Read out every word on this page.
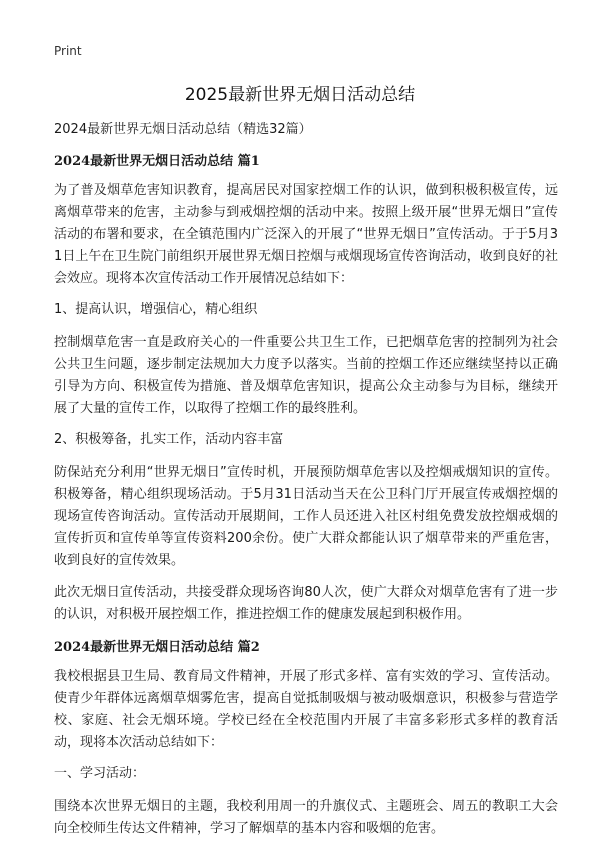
Print
2025最新世界无烟日活动总结
2024最新世界无烟日活动总结（精选32篇）
2024最新世界无烟日活动总结 篇1
为了普及烟草危害知识教育，提高居民对国家控烟工作的认识，做到积极积极宣传，远离烟草带来的危害，主动参与到戒烟控烟的活动中来。按照上级开展“世界无烟日”宣传活动的布署和要求，在全镇范围内广泛深入的开展了“世界无烟日”宣传活动。于于5月31日上午在卫生院门前组织开展世界无烟日控烟与戒烟现场宣传咨询活动，收到良好的社会效应。现将本次宣传活动工作开展情况总结如下：
1、提高认识，增强信心，精心组织
控制烟草危害一直是政府关心的一件重要公共卫生工作，已把烟草危害的控制列为社会公共卫生问题，逐步制定法规加大力度予以落实。当前的控烟工作还应继续坚持以正确引导为方向、积极宣传为措施、普及烟草危害知识，提高公众主动参与为目标，继续开展了大量的宣传工作，以取得了控烟工作的最终胜利。
2、积极筹备，扎实工作，活动内容丰富
防保站充分利用“世界无烟日”宣传时机，开展预防烟草危害以及控烟戒烟知识的宣传。积极筹备，精心组织现场活动。于5月31日活动当天在公卫科门厅开展宣传戒烟控烟的现场宣传咨询活动。宣传活动开展期间，工作人员还进入社区村组免费发放控烟戒烟的宣传折页和宣传单等宣传资料200余份。使广大群众都能认识了烟草带来的严重危害，收到良好的宣传效果。
此次无烟日宣传活动，共接受群众现场咨询80人次，使广大群众对烟草危害有了进一步的认识，对积极开展控烟工作，推进控烟工作的健康发展起到积极作用。
2024最新世界无烟日活动总结 篇2
我校根据县卫生局、教育局文件精神，开展了形式多样、富有实效的学习、宣传活动。使青少年群体远离烟草烟雾危害，提高自觉抵制吸烟与被动吸烟意识，积极参与营造学校、家庭、社会无烟环境。学校已经在全校范围内开展了丰富多彩形式多样的教育活动，现将本次活动总结如下：
一、学习活动：
围绕本次世界无烟日的主题，我校利用周一的升旗仪式、主题班会、周五的教职工大会向全校师生传达文件精神，学习了解烟草的基本内容和吸烟的危害。
